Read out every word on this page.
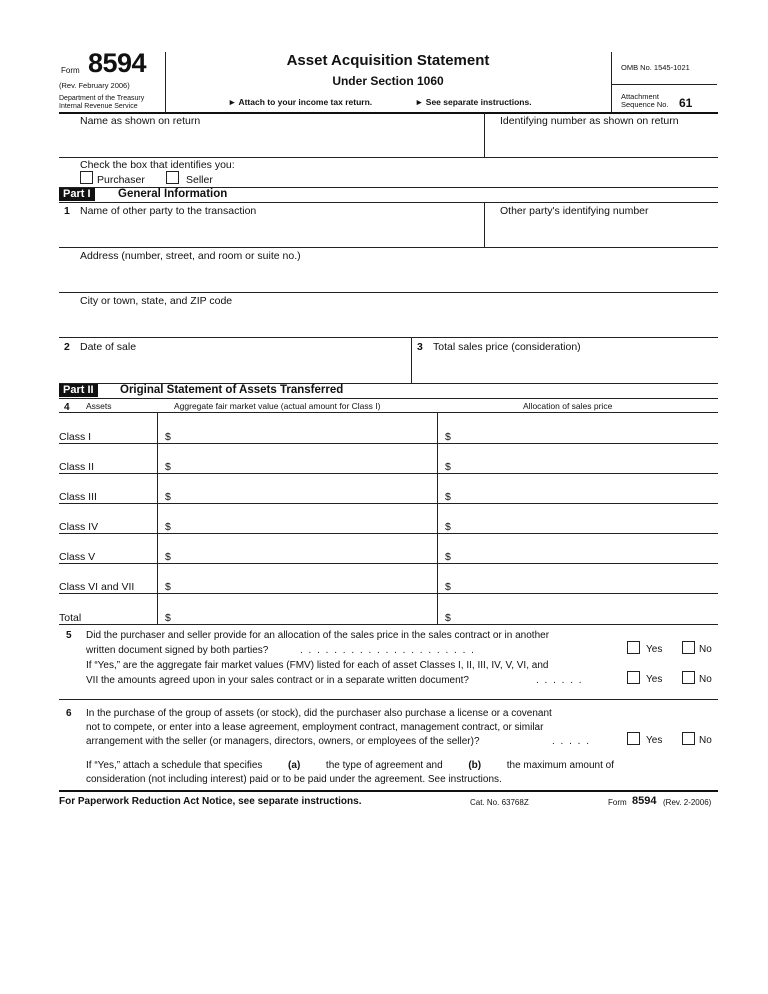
Form 8594
(Rev. February 2006)
Department of the Treasury
Internal Revenue Service
Asset Acquisition Statement
Under Section 1060
► Attach to your income tax return.	► See separate instructions.
OMB No. 1545-1021
Attachment
Sequence No. 61
Name as shown on return	Identifying number as shown on return
Check the box that identifies you:
Purchaser	Seller
Part I	General Information
1 Name of other party to the transaction	Other party's identifying number
Address (number, street, and room or suite no.)
City or town, state, and ZIP code
2 Date of sale	3 Total sales price (consideration)
Part II	Original Statement of Assets Transferred
4 Assets	Aggregate fair market value (actual amount for Class I)	Allocation of sales price
Class I	$	$
Class II	$	$
Class III	$	$
Class IV	$	$
Class V	$	$
Class VI and VII	$	$
Total	$	$
5 Did the purchaser and seller provide for an allocation of the sales price in the sales contract or in another
written document signed by both parties?	. . . . . . . . . . . . . . . . . . . . .	Yes	No
If “Yes,” are the aggregate fair market values (FMV) listed for each of asset Classes I, II, III, IV, V, VI, and
VII the amounts agreed upon in your sales contract or in a separate written document?	. . . . . .	Yes	No
6 In the purchase of the group of assets (or stock), did the purchaser also purchase a license or a covenant
not to compete, or enter into a lease agreement, employment contract, management contract, or similar
arrangement with the seller (or managers, directors, owners, or employees of the seller)?	. . . . .	Yes	No
If “Yes,” attach a schedule that specifies	(a)	the type of agreement and	(b)	the maximum amount of
consideration (not including interest) paid or to be paid under the agreement. See instructions.
For Paperwork Reduction Act Notice, see separate instructions.	Cat. No. 63768Z	Form 8594 (Rev. 2-2006)
